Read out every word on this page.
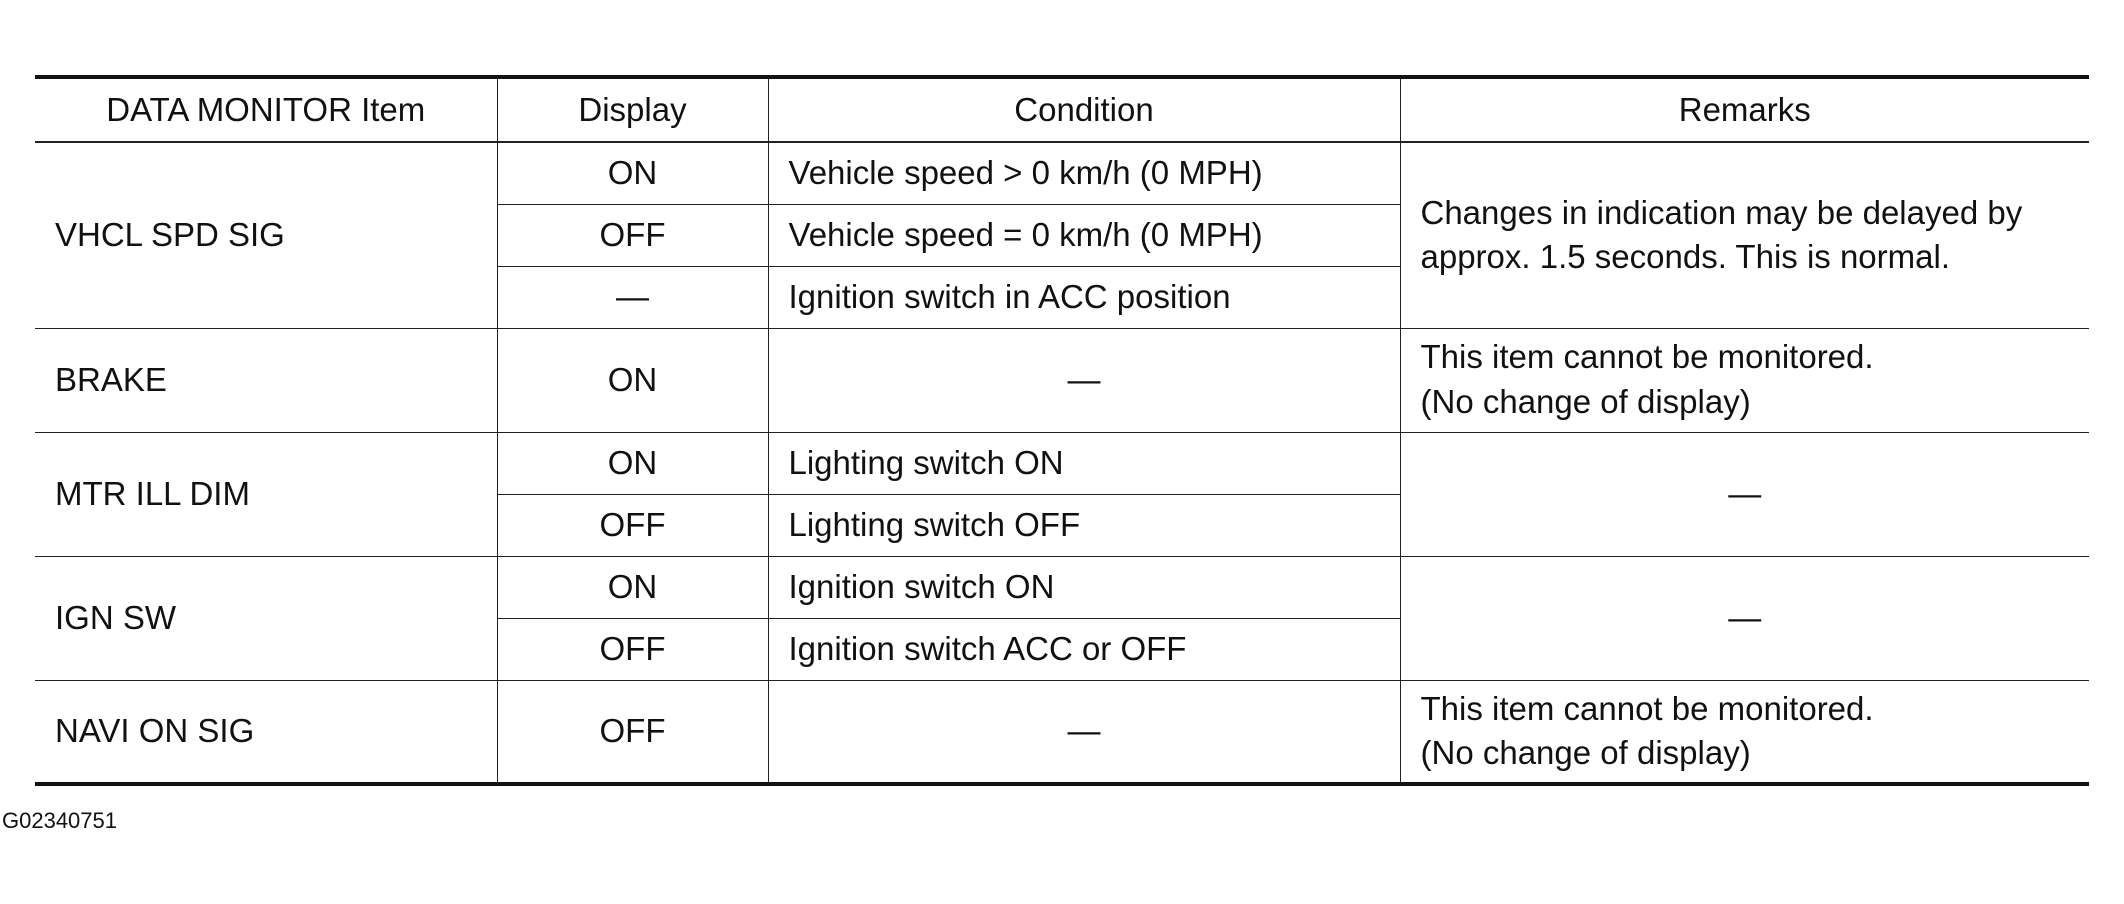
DATA MONITOR Item	Display	Condition	Remarks
VHCL SPD SIG	ON	Vehicle speed > 0 km/h (0 MPH)	Changes in indication may be delayed by
approx. 1.5 seconds. This is normal.

	OFF	Vehicle speed = 0 km/h (0 MPH)	
	—	Ignition switch in ACC position	
BRAKE	ON	—	This item cannot be monitored.
(No change of display)

MTR ILL DIM	ON	Lighting switch ON	—
	OFF	Lighting switch OFF	
IGN SW	ON	Ignition switch ON	—
	OFF	Ignition switch ACC or OFF	
NAVI ON SIG	OFF	—	This item cannot be monitored.
(No change of display)
G02340751
